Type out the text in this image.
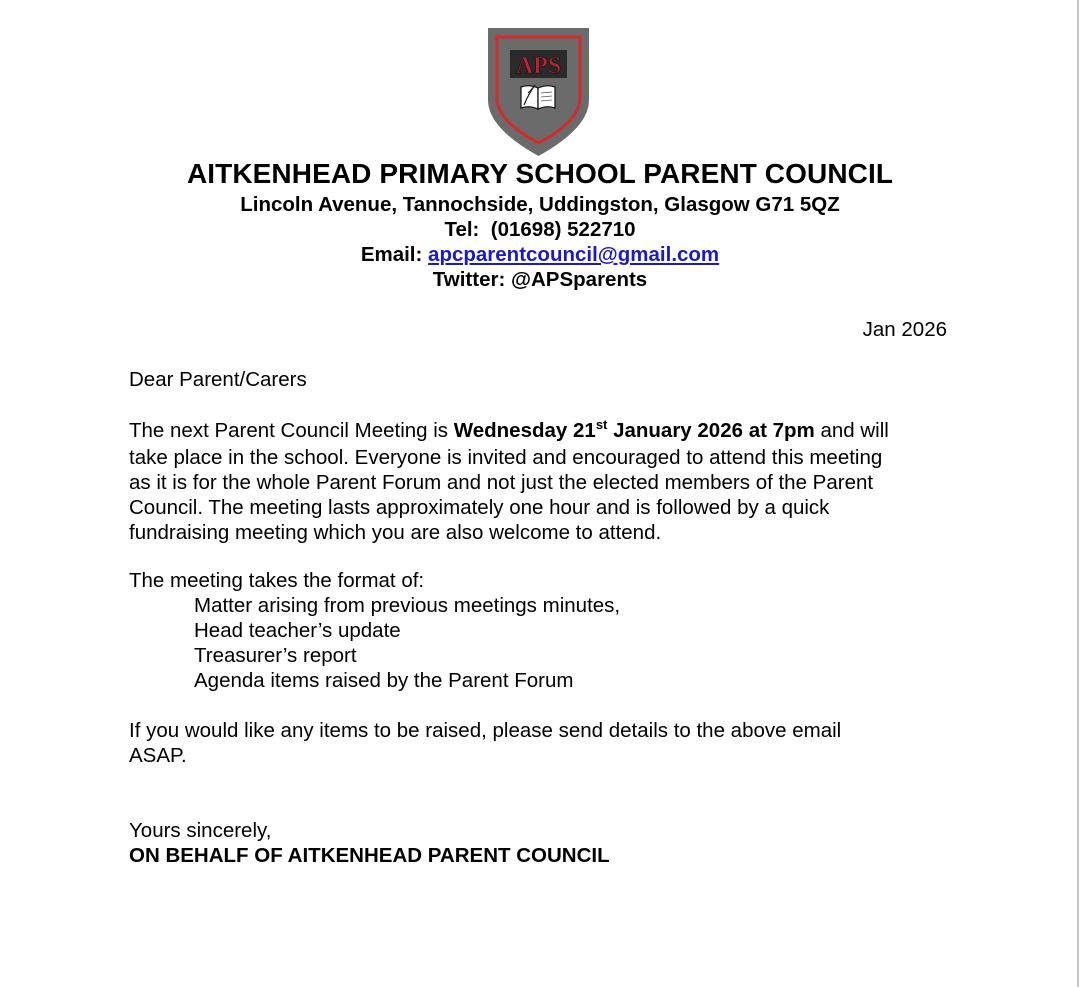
APS
AITKENHEAD PRIMARY SCHOOL PARENT COUNCIL
Lincoln Avenue, Tannochside, Uddingston, Glasgow G71 5QZ
Tel: (01698) 522710
Email: apcparentcouncil@gmail.com
Twitter: @APSparents
Jan 2026
Dear Parent/Carers
The next Parent Council Meeting is Wednesday 21st January 2026 at 7pm and will
take place in the school. Everyone is invited and encouraged to attend this meeting
as it is for the whole Parent Forum and not just the elected members of the Parent
Council. The meeting lasts approximately one hour and is followed by a quick
fundraising meeting which you are also welcome to attend.
The meeting takes the format of:
Matter arising from previous meetings minutes,
Head teacher’s update
Treasurer’s report
Agenda items raised by the Parent Forum
If you would like any items to be raised, please send details to the above email
ASAP.
Yours sincerely,
ON BEHALF OF AITKENHEAD PARENT COUNCIL
